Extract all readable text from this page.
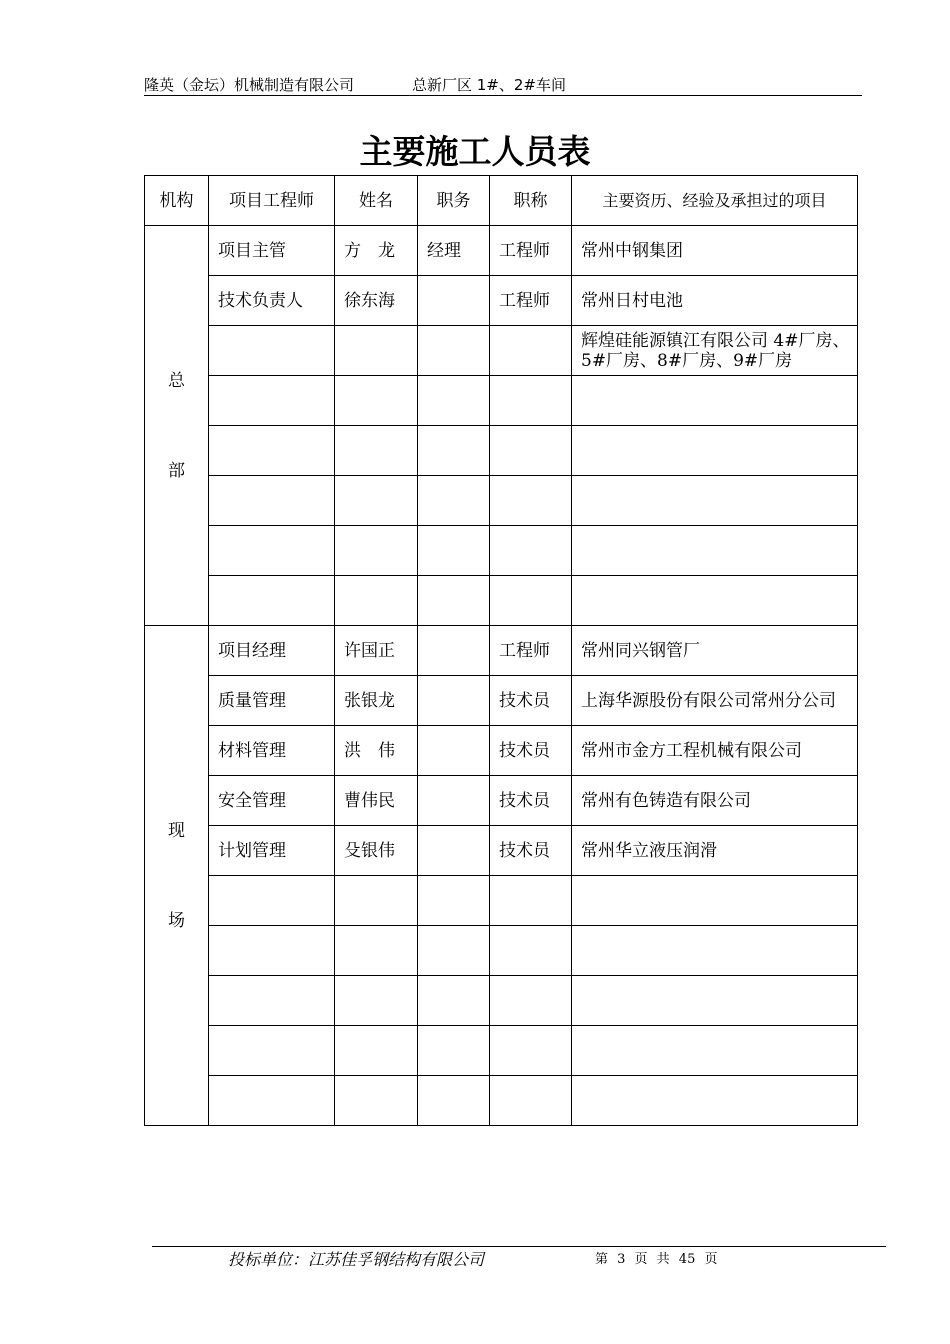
隆英（金坛）机械制造有限公司	总新厂区 1#、2#车间
主要施工人员表
机构	项目工程师	姓名	职务	职称	主要资历、经验及承担过的项目
总部	项目主管	方　龙	经理	工程师	常州中钢集团
	技术负责人	徐东海		工程师	常州日村电池
					辉煌硅能源镇江有限公司 4#厂房、5#厂房、8#厂房、9#厂房

现场	项目经理	许国正		工程师	常州同兴钢管厂
	质量管理	张银龙		技术员	上海华源股份有限公司常州分公司
	材料管理	洪　伟		技术员	常州市金方工程机械有限公司
	安全管理	曹伟民		技术员	常州有色铸造有限公司
	计划管理	殳银伟		技术员	常州华立液压润滑

投标单位：江苏佳孚钢结构有限公司	第 3 页 共 45 页
